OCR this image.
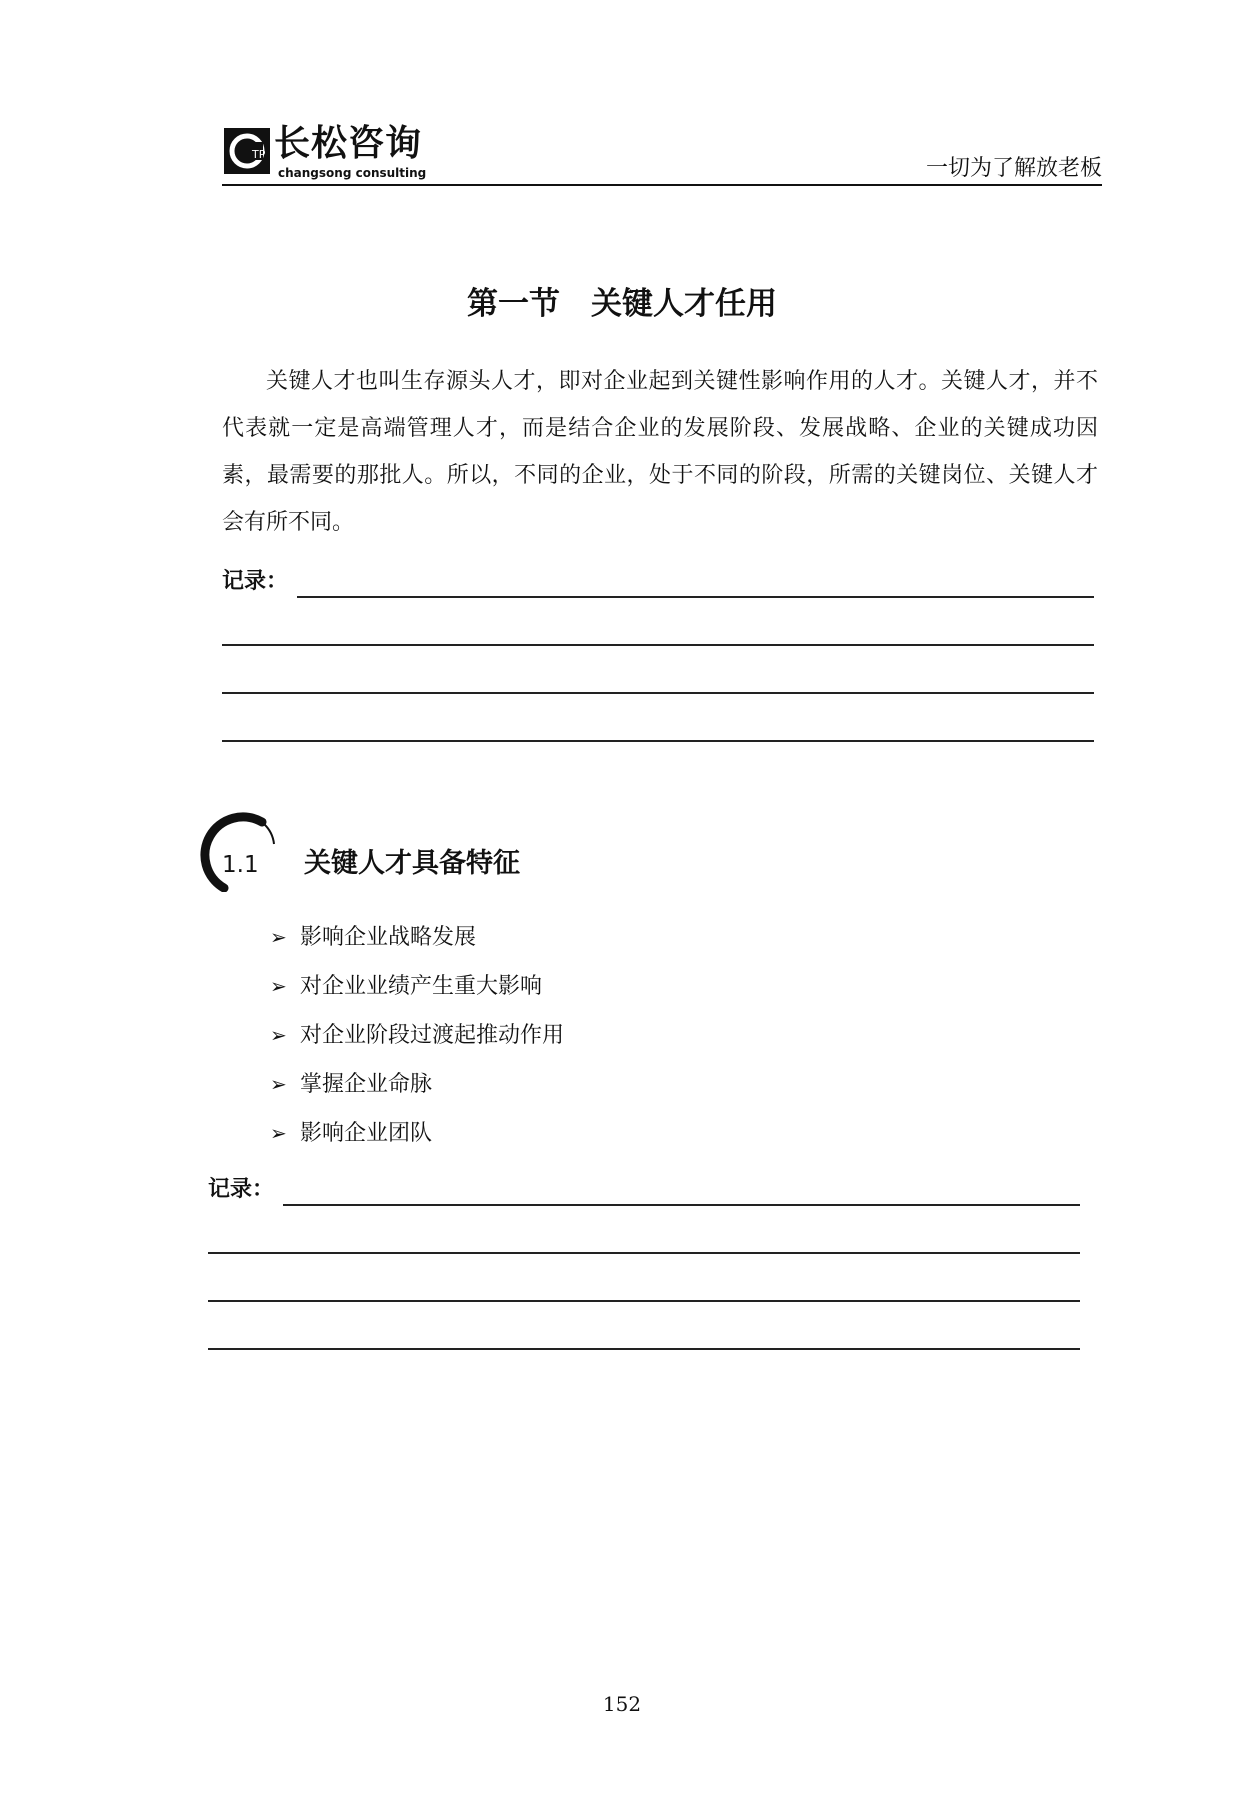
TP 长松咨询
changsong consulting	一切为了解放老板
第一节　关键人才任用

关键人才也叫生存源头人才，即对企业起到关键性影响作用的人才。关键人才，并不代表就一定是高端管理人才，而是结合企业的发展阶段、发展战略、企业的关键成功因素，最需要的那批人。所以，不同的企业，处于不同的阶段，所需的关键岗位、关键人才会有所不同。

记录：
1.1 关键人才具备特征
➢ 影响企业战略发展
➢ 对企业业绩产生重大影响
➢ 对企业阶段过渡起推动作用
➢ 掌握企业命脉
➢ 影响企业团队
记录：
152
